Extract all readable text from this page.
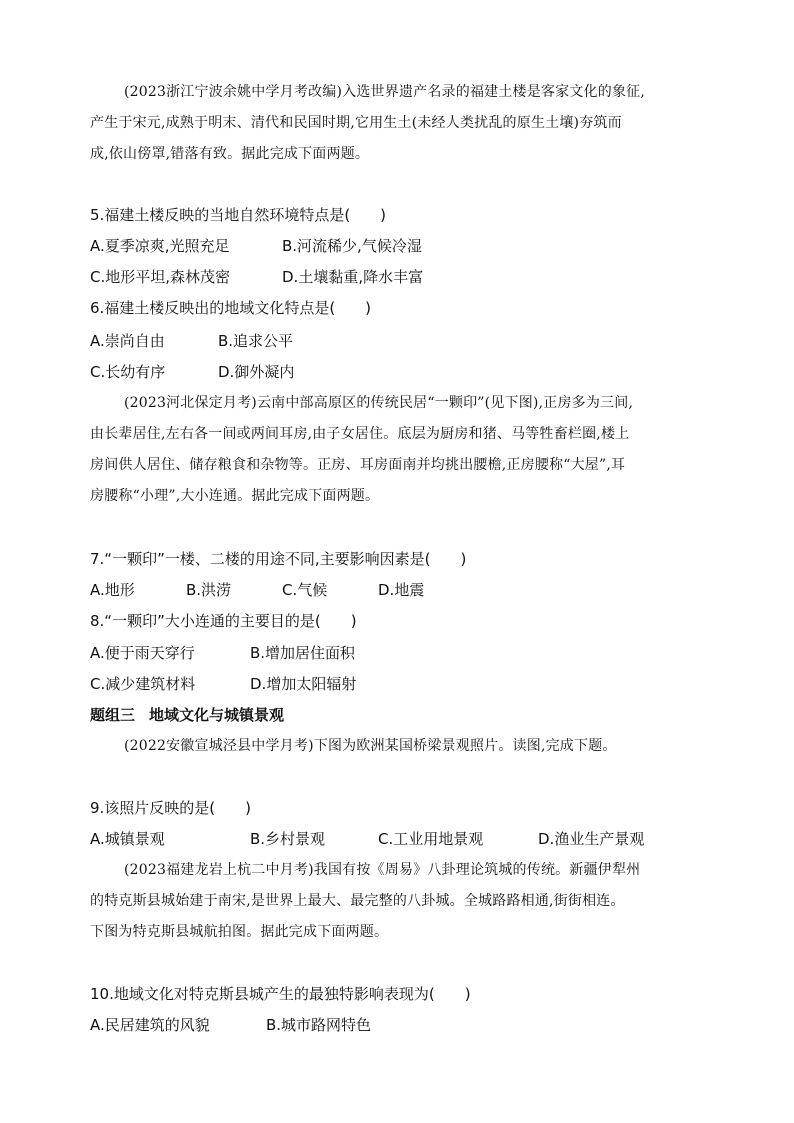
(2023浙江宁波余姚中学月考改编)入选世界遗产名录的福建土楼是客家文化的象征,
产生于宋元,成熟于明末、清代和民国时期,它用生土(未经人类扰乱的原生土壤)夯筑而
成,依山傍罩,错落有致。据此完成下面两题。
5.福建土楼反映的当地自然环境特点是(　　)
A.夏季凉爽,光照充足	B.河流稀少,气候冷湿
C.地形平坦,森林茂密	D.土壤黏重,降水丰富
6.福建土楼反映出的地域文化特点是(　　)
A.崇尚自由	B.追求公平
C.长幼有序	D.御外凝内
(2023河北保定月考)云南中部高原区的传统民居“一颗印”(见下图),正房多为三间,
由长辈居住,左右各一间或两间耳房,由子女居住。底层为厨房和猪、马等牲畜栏圈,楼上
房间供人居住、储存粮食和杂物等。正房、耳房面南并均挑出腰檐,正房腰称“大屋”,耳
房腰称“小理”,大小连通。据此完成下面两题。
7.“一颗印”一楼、二楼的用途不同,主要影响因素是(　　)
A.地形	B.洪涝	C.气候	D.地震
8.“一颗印”大小连通的主要目的是(　　)
A.便于雨天穿行	B.增加居住面积
C.减少建筑材料	D.增加太阳辐射
题组三 地域文化与城镇景观
(2022安徽宣城泾县中学月考)下图为欧洲某国桥梁景观照片。读图,完成下题。
9.该照片反映的是(　　)
A.城镇景观	B.乡村景观	C.工业用地景观	D.渔业生产景观
(2023福建龙岩上杭二中月考)我国有按《周易》八卦理论筑城的传统。新疆伊犁州
的特克斯县城始建于南宋,是世界上最大、最完整的八卦城。全城路路相通,街街相连。
下图为特克斯县城航拍图。据此完成下面两题。
10.地域文化对特克斯县城产生的最独特影响表现为(　　)
A.民居建筑的风貌	B.城市路网特色
